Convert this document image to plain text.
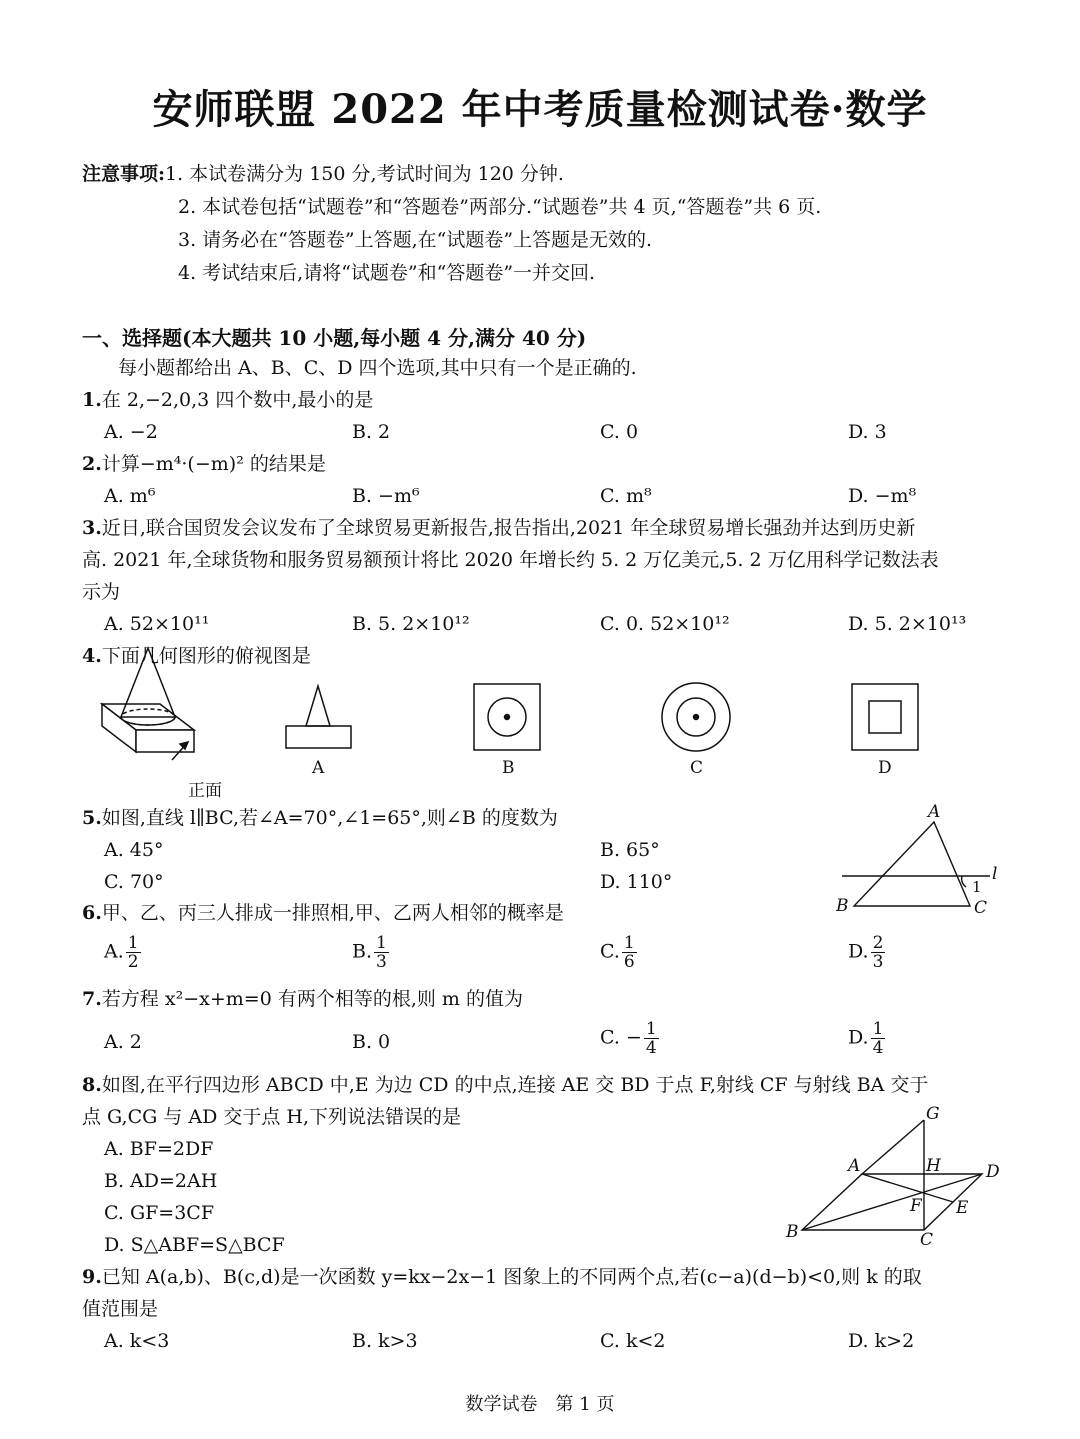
安师联盟 2022 年中考质量检测试卷·数学
注意事项:1. 本试卷满分为 150 分,考试时间为 120 分钟.
2. 本试卷包括“试题卷”和“答题卷”两部分.“试题卷”共 4 页,“答题卷”共 6 页.
3. 请务必在“答题卷”上答题,在“试题卷”上答题是无效的.
4. 考试结束后,请将“试题卷”和“答题卷”一并交回.
一、选择题(本大题共 10 小题,每小题 4 分,满分 40 分)
每小题都给出 A、B、C、D 四个选项,其中只有一个是正确的.
1.在 2,−2,0,3 四个数中,最小的是
A. −2	B. 2	C. 0	D. 3
2.计算−m⁴·(−m)² 的结果是
A. m⁶	B. −m⁶	C. m⁸	D. −m⁸
3.近日,联合国贸发会议发布了全球贸易更新报告,报告指出,2021 年全球贸易增长强劲并达到历史新
高. 2021 年,全球货物和服务贸易额预计将比 2020 年增长约 5. 2 万亿美元,5. 2 万亿用科学记数法表
示为
A. 52×10¹¹	B. 5. 2×10¹²	C. 0. 52×10¹²	D. 5. 2×10¹³
4.下面几何图形的俯视图是
正面
A	B	C	D
5.如图,直线 l∥BC,若∠A=70°,∠1=65°,则∠B 的度数为
A. 45°	B. 65°
C. 70°	D. 110°
A
B	C
l
1
6.甲、乙、丙三人排成一排照相,甲、乙两人相邻的概率是
A. $\frac{1}{2}$	B. $\frac{1}{3}$	C. $\frac{1}{6}$	D. $\frac{2}{3}$
7.若方程 x²−x+m=0 有两个相等的根,则 m 的值为
A. 2	B. 0	C. − $\frac{1}{4}$	D. $\frac{1}{4}$
8.如图,在平行四边形 ABCD 中,E 为边 CD 的中点,连接 AE 交 BD 于点 F,射线 CF 与射线 BA 交于
点 G,CG 与 AD 交于点 H,下列说法错误的是
A. BF=2DF
B. AD=2AH
C. GF=3CF
D. S△ABF=S△BCF
G
A	H	D
F E
B	C
9.已知 A(a,b)、B(c,d)是一次函数 y=kx−2x−1 图象上的不同两个点,若(c−a)(d−b)<0,则 k 的取
值范围是
A. k<3	B. k>3	C. k<2	D. k>2
数学试卷　第 1 页
